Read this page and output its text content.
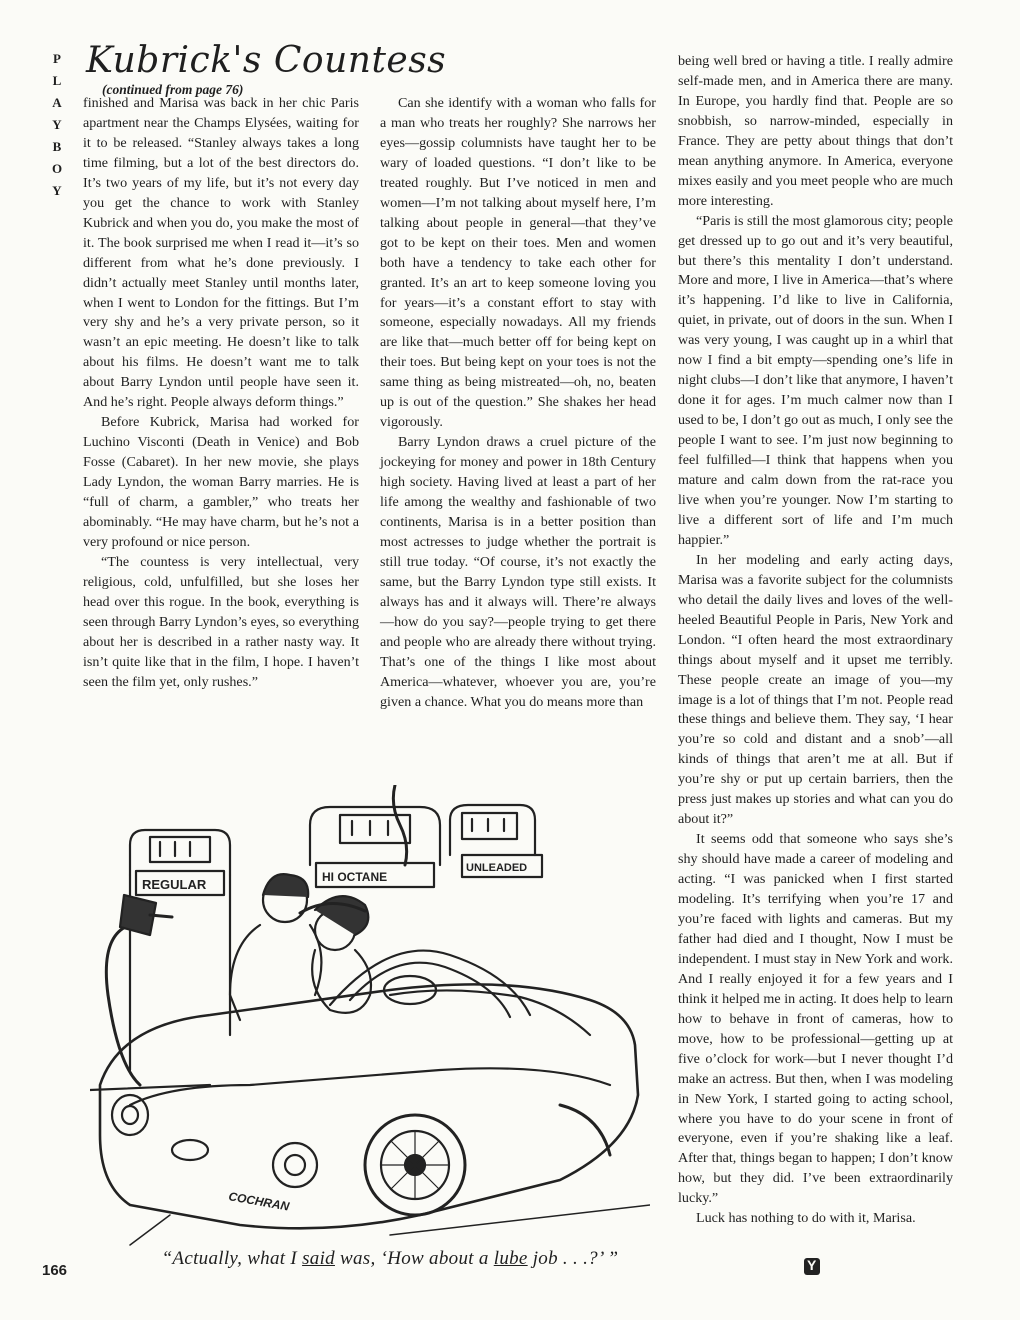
P
L
A
Y
B
O
Y
Kubrick's Countess (continued from page 76)

finished and Marisa was back in her chic Paris apartment near the Champs Elysées, waiting for it to be released. “Stanley always takes a long time filming, but a lot of the best directors do. It’s two years of my life, but it’s not every day you get the chance to work with Stanley Kubrick and when you do, you make the most of it. The book surprised me when I read it—it’s so different from what he’s done previously. I didn’t actually meet Stanley until months later, when I went to London for the fittings. But I’m very shy and he’s a very private person, so it wasn’t an epic meeting. He doesn’t like to talk about his films. He doesn’t want me to talk about Barry Lyndon until people have seen it. And he’s right. People always deform things.”

Before Kubrick, Marisa had worked for Luchino Visconti (Death in Venice) and Bob Fosse (Cabaret). In her new movie, she plays Lady Lyndon, the woman Barry marries. He is “full of charm, a gambler,” who treats her abominably. “He may have charm, but he’s not a very profound or nice person.

“The countess is very intellectual, very religious, cold, unfulfilled, but she loses her head over this rogue. In the book, everything is seen through Barry Lyndon’s eyes, so everything about her is described in a rather nasty way. It isn’t quite like that in the film, I hope. I haven’t seen the film yet, only rushes.”

Can she identify with a woman who falls for a man who treats her roughly? She narrows her eyes—gossip columnists have taught her to be wary of loaded questions. “I don’t like to be treated roughly. But I’ve noticed in men and women—I’m not talking about myself here, I’m talking about people in general—that they’ve got to be kept on their toes. Men and women both have a tendency to take each other for granted. It’s an art to keep someone loving you for years—it’s a constant effort to stay with someone, especially nowadays. All my friends are like that—much better off for being kept on their toes. But being kept on your toes is not the same thing as being mistreated—oh, no, beaten up is out of the question.” She shakes her head vigorously.

Barry Lyndon draws a cruel picture of the jockeying for money and power in 18th Century high society. Having lived at least a part of her life among the wealthy and fashionable of two continents, Marisa is in a better position than most actresses to judge whether the portrait is still true today. “Of course, it’s not exactly the same, but the Barry Lyndon type still exists. It always has and it always will. There’re always—how do you say?—people trying to get there and people who are already there without trying. That’s one of the things I like most about America—whatever, whoever you are, you’re given a chance. What you do means more than

being well bred or having a title. I really admire self-made men, and in America there are many. In Europe, you hardly find that. People are so snobbish, so narrow-minded, especially in France. They are petty about things that don’t mean anything anymore. In America, everyone mixes easily and you meet people who are much more interesting.

“Paris is still the most glamorous city; people get dressed up to go out and it’s very beautiful, but there’s this mentality I don’t understand. More and more, I live in America—that’s where it’s happening. I’d like to live in California, quiet, in private, out of doors in the sun. When I was very young, I was caught up in a whirl that now I find a bit empty—spending one’s life in night clubs—I don’t like that anymore, I haven’t done it for ages. I’m much calmer now than I used to be, I don’t go out as much, I only see the people I want to see. I’m just now beginning to feel fulfilled—I think that happens when you mature and calm down from the rat-race you live when you’re younger. Now I’m starting to live a different sort of life and I’m much happier.”

In her modeling and early acting days, Marisa was a favorite subject for the columnists who detail the daily lives and loves of the well-heeled Beautiful People in Paris, New York and London. “I often heard the most extraordinary things about myself and it upset me terribly. These people create an image of you—my image is a lot of things that I’m not. People read these things and believe them. They say, ‘I hear you’re so cold and distant and a snob’—all kinds of things that aren’t me at all. But if you’re shy or put up certain barriers, then the press just makes up stories and what can you do about it?”

It seems odd that someone who says she’s shy should have made a career of modeling and acting. “I was panicked when I first started modeling. It’s terrifying when you’re 17 and you’re faced with lights and cameras. But my father had died and I thought, Now I must be independent. I must stay in New York and work. And I really enjoyed it for a few years and I think it helped me in acting. It does help to learn how to behave in front of cameras, how to move, how to be professional—getting up at five o’clock for work—but I never thought I’d make an actress. But then, when I was modeling in New York, I started going to acting school, where you have to do your scene in front of everyone, even if you’re shaking like a leaf. After that, things began to happen; I don’t know how, but they did. I’ve been extraordinarily lucky.”

Luck has nothing to do with it, Marisa.

REGULAR	HI OCTANE
UNLEADED
COCHRAN
“Actually, what I said was, ‘How about a lube job . . .?’ ”
166
Y
